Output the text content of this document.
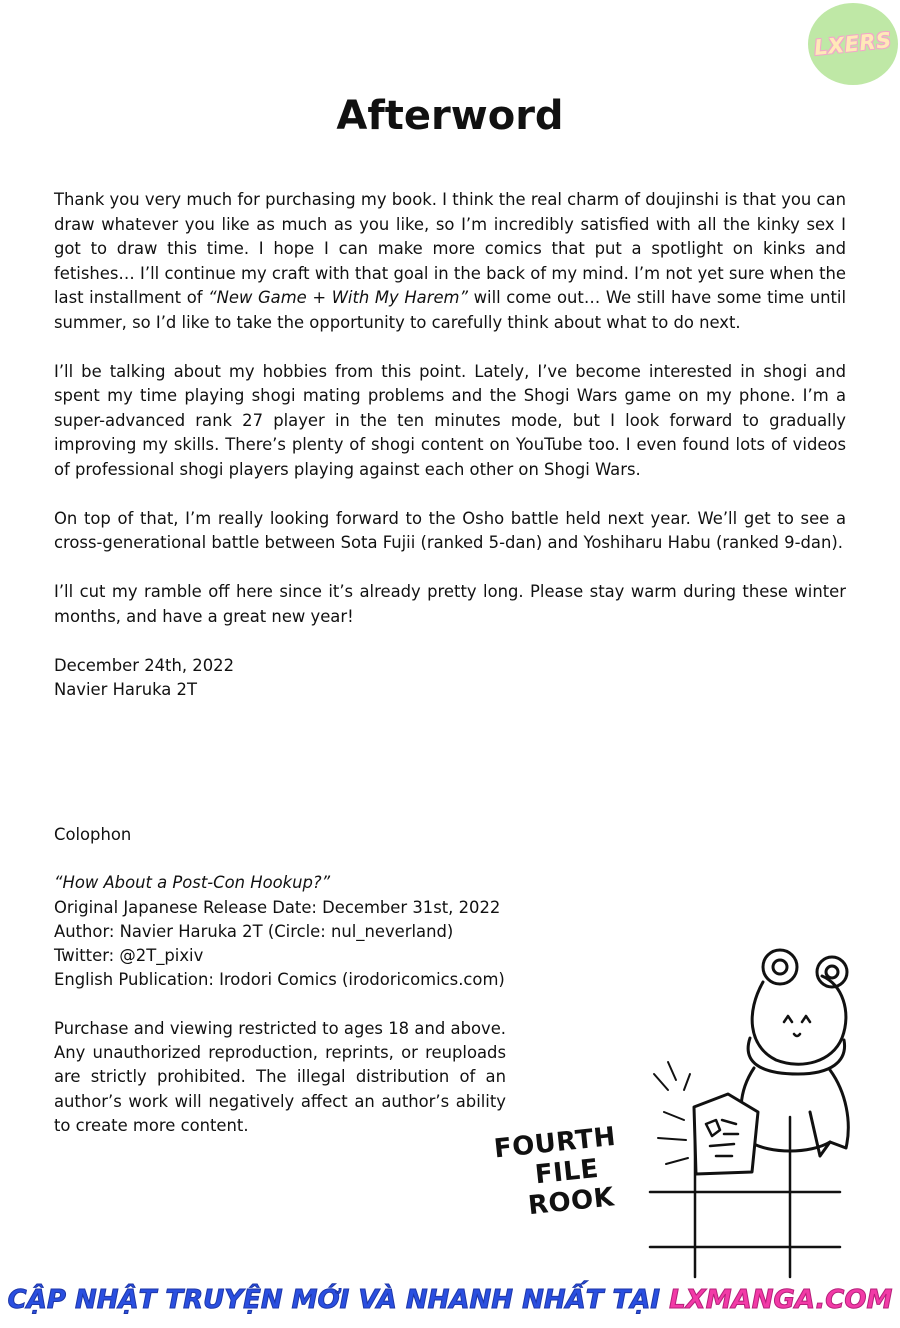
LXERS
Afterword

Thank you very much for purchasing my book. I think the real charm of doujinshi is that you can draw whatever you like as much as you like, so I’m incredibly satisfied with all the kinky sex I got to draw this time. I hope I can make more comics that put a spotlight on kinks and fetishes… I’ll continue my craft with that goal in the back of my mind. I’m not yet sure when the last installment of “New Game + With My Harem” will come out… We still have some time until summer, so I’d like to take the opportunity to carefully think about what to do next.

I’ll be talking about my hobbies from this point. Lately, I’ve become interested in shogi and spent my time playing shogi mating problems and the Shogi Wars game on my phone. I’m a super-advanced rank 27 player in the ten minutes mode, but I look forward to gradually improving my skills. There’s plenty of shogi content on YouTube too. I even found lots of videos of professional shogi players playing against each other on Shogi Wars.

On top of that, I’m really looking forward to the Osho battle held next year. We’ll get to see a cross-generational battle between Sota Fujii (ranked 5-dan) and Yoshiharu Habu (ranked 9-dan).

I’ll cut my ramble off here since it’s already pretty long. Please stay warm during these winter months, and have a great new year!

December 24th, 2022

Navier Haruka 2T

Colophon

“How About a Post-Con Hookup?”

Original Japanese Release Date: December 31st, 2022

Author: Navier Haruka 2T (Circle: nul_neverland)

Twitter: @2T_pixiv

English Publication: Irodori Comics (irodoricomics.com)

Purchase and viewing restricted to ages 18 and above. Any unauthorized reproduction, reprints, or reuploads are strictly prohibited. The illegal distribution of an author’s work will negatively affect an author’s ability to create more content.	FOURTH
FILE
ROOK
CẬP NHẬT TRUYỆN MỚI VÀ NHANH NHẤT TẠI LXMANGA.COM
